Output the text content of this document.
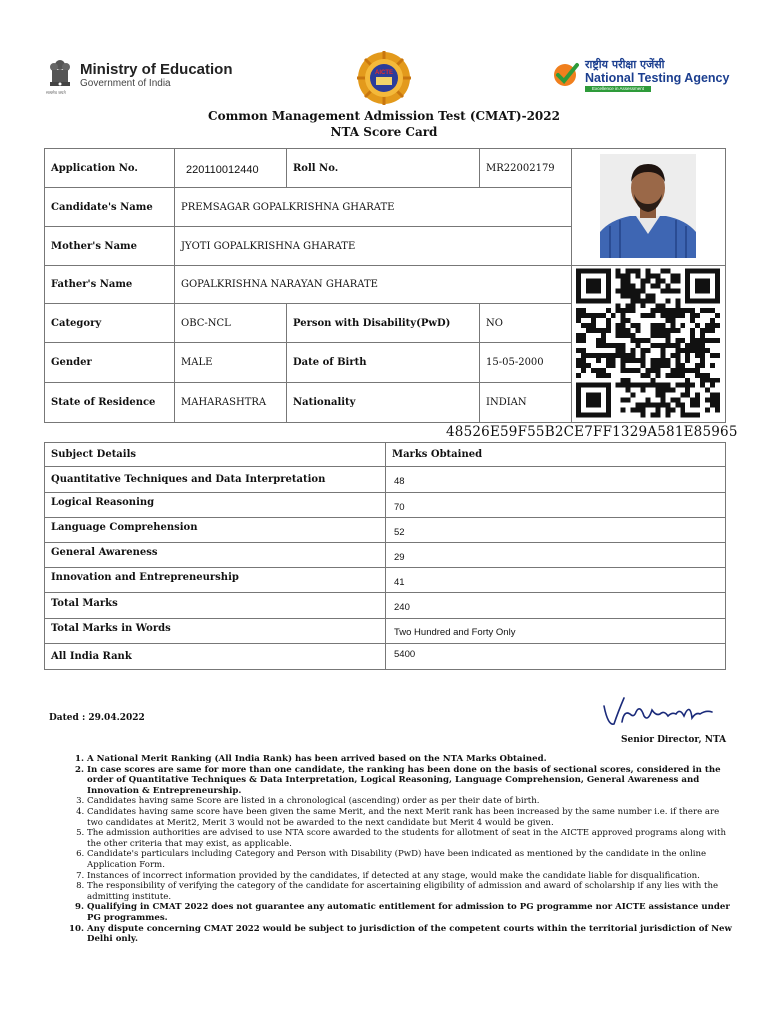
Ministry of Education
Government of India
सत्यमेव जयते
AICTE
राष्ट्रीय परीक्षा एजेंसी
National Testing Agency
Excellence in Assessment
Common Management Admission Test (CMAT)-2022
NTA Score Card
Application No.	220110012440	Roll No.	MR22002179
Candidate's Name	PREMSAGAR GOPALKRISHNA GHARATE
Mother's Name	JYOTI GOPALKRISHNA GHARATE
Father's Name	GOPALKRISHNA NARAYAN GHARATE
Category	OBC-NCL	Person with Disability(PwD)	NO
Gender	MALE	Date of Birth	15-05-2000
State of Residence	MAHARASHTRA	Nationality	INDIAN
48526E59F55B2CE7FF1329A581E85965
Subject Details	Marks Obtained
Quantitative Techniques and Data Interpretation	48
Logical Reasoning	70
Language Comprehension	52
General Awareness	29
Innovation and Entrepreneurship	41
Total Marks	240
Total Marks in Words	Two Hundred and Forty Only
All India Rank	5400
Dated : 29.04.2022
Senior Director, NTA
1. A National Merit Ranking (All India Rank) has been arrived based on the NTA Marks Obtained.
2. In case scores are same for more than one candidate, the ranking has been done on the basis of sectional scores, considered in the order of Quantitative Techniques & Data Interpretation, Logical Reasoning, Language Comprehension, General Awareness and Innovation & Entrepreneurship.
3. Candidates having same Score are listed in a chronological (ascending) order as per their date of birth.
4. Candidates having same score have been given the same Merit, and the next Merit rank has been increased by the same number i.e. if there are two candidates at Merit2, Merit 3 would not be awarded to the next candidate but Merit 4 would be given.
5. The admission authorities are advised to use NTA score awarded to the students for allotment of seat in the AICTE approved programs along with the other criteria that may exist, as applicable.
6. Candidate's particulars including Category and Person with Disability (PwD) have been indicated as mentioned by the candidate in the online Application Form.
7. Instances of incorrect information provided by the candidates, if detected at any stage, would make the candidate liable for disqualification.
8. The responsibility of verifying the category of the candidate for ascertaining eligibility of admission and award of scholarship if any lies with the admitting institute.
9. Qualifying in CMAT 2022 does not guarantee any automatic entitlement for admission to PG programme nor AICTE assistance under PG programmes.
10. Any dispute concerning CMAT 2022 would be subject to jurisdiction of the competent courts within the territorial jurisdiction of New Delhi only.
